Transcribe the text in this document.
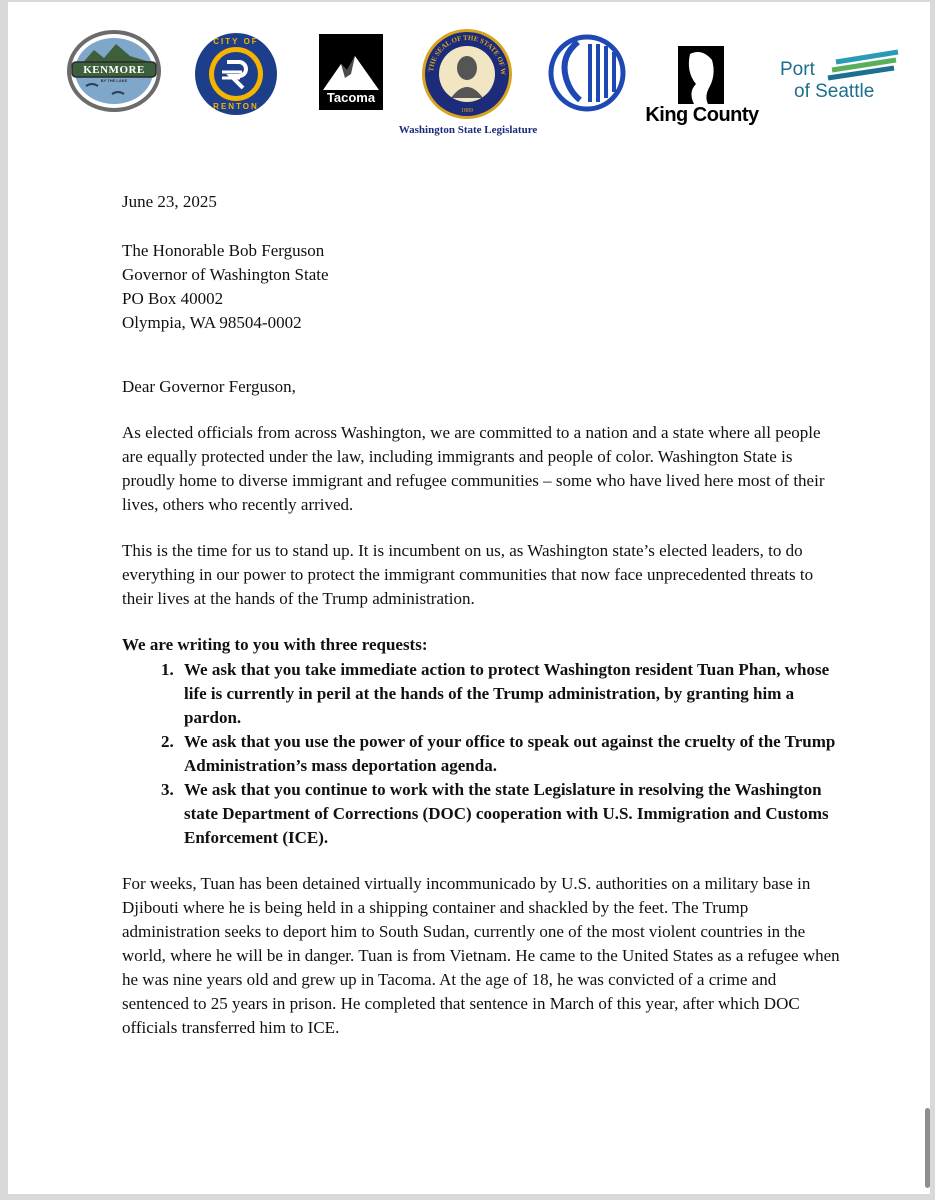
KENMORE
BY THE LAKE
CITY OF
RENTON
CITY OF
Tacoma
THE SEAL OF THE STATE OF W
1889
Washington State Legislature
King County
Port
of Seattle

June 23, 2025

The Honorable Bob Ferguson

Governor of Washington State

PO Box 40002

Olympia, WA 98504-0002

Dear Governor Ferguson,

As elected officials from across Washington, we are committed to a nation and a state where all people are equally protected under the law, including immigrants and people of color. Washington State is proudly home to diverse immigrant and refugee communities – some who have lived here most of their lives, others who recently arrived.

This is the time for us to stand up. It is incumbent on us, as Washington state’s elected leaders, to do everything in our power to protect the immigrant communities that now face unprecedented threats to their lives at the hands of the Trump administration.

We are writing to you with three requests:

1. We ask that you take immediate action to protect Washington resident Tuan Phan, whose life is currently in peril at the hands of the Trump administration, by granting him a pardon.
2. We ask that you use the power of your office to speak out against the cruelty of the Trump Administration’s mass deportation agenda.
3. We ask that you continue to work with the state Legislature in resolving the Washington state Department of Corrections (DOC) cooperation with U.S. Immigration and Customs Enforcement (ICE).

For weeks, Tuan has been detained virtually incommunicado by U.S. authorities on a military base in Djibouti where he is being held in a shipping container and shackled by the feet. The Trump administration seeks to deport him to South Sudan, currently one of the most violent countries in the world, where he will be in danger. Tuan is from Vietnam. He came to the United States as a refugee when he was nine years old and grew up in Tacoma. At the age of 18, he was convicted of a crime and sentenced to 25 years in prison. He completed that sentence in March of this year, after which DOC officials transferred him to ICE.
